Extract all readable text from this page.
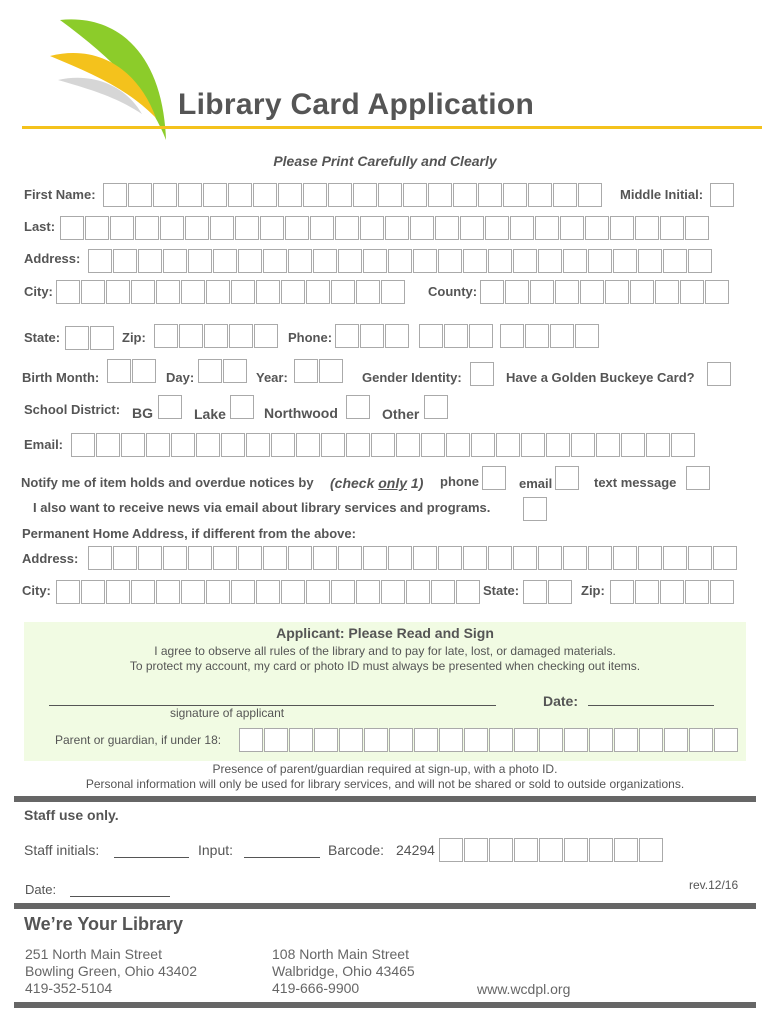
Library Card Application
Please Print Carefully and Clearly
First Name:	Middle Initial:
Last:
Address:
City:	County:
State:	Zip:	Phone:
Birth Month:	Day:	Year:	Gender Identity:	Have a Golden Buckeye Card?
School District: BG	Lake	Northwood	Other
Email:
Notify me of item holds and overdue notices by (check only 1) phone	email	text message
I also want to receive news via email about library services and programs.
Permanent Home Address, if different from the above:
Address:
City:	State:	Zip:
Applicant: Please Read and Sign
I agree to observe all rules of the library and to pay for late, lost, or damaged materials.
To protect my account, my card or photo ID must always be presented when checking out items.
signature of applicant
Date:
Parent or guardian, if under 18:
Presence of parent/guardian required at sign-up, with a photo ID.
Personal information will only be used for library services, and will not be shared or sold to outside organizations.
Staff use only.
Staff initials:	Input:	Barcode: 24294
Date:	rev.12/16
We’re Your Library
251 North Main Street
Bowling Green, Ohio 43402
419-352-5104
108 North Main Street
Walbridge, Ohio 43465
419-666-9900	www.wcdpl.org
